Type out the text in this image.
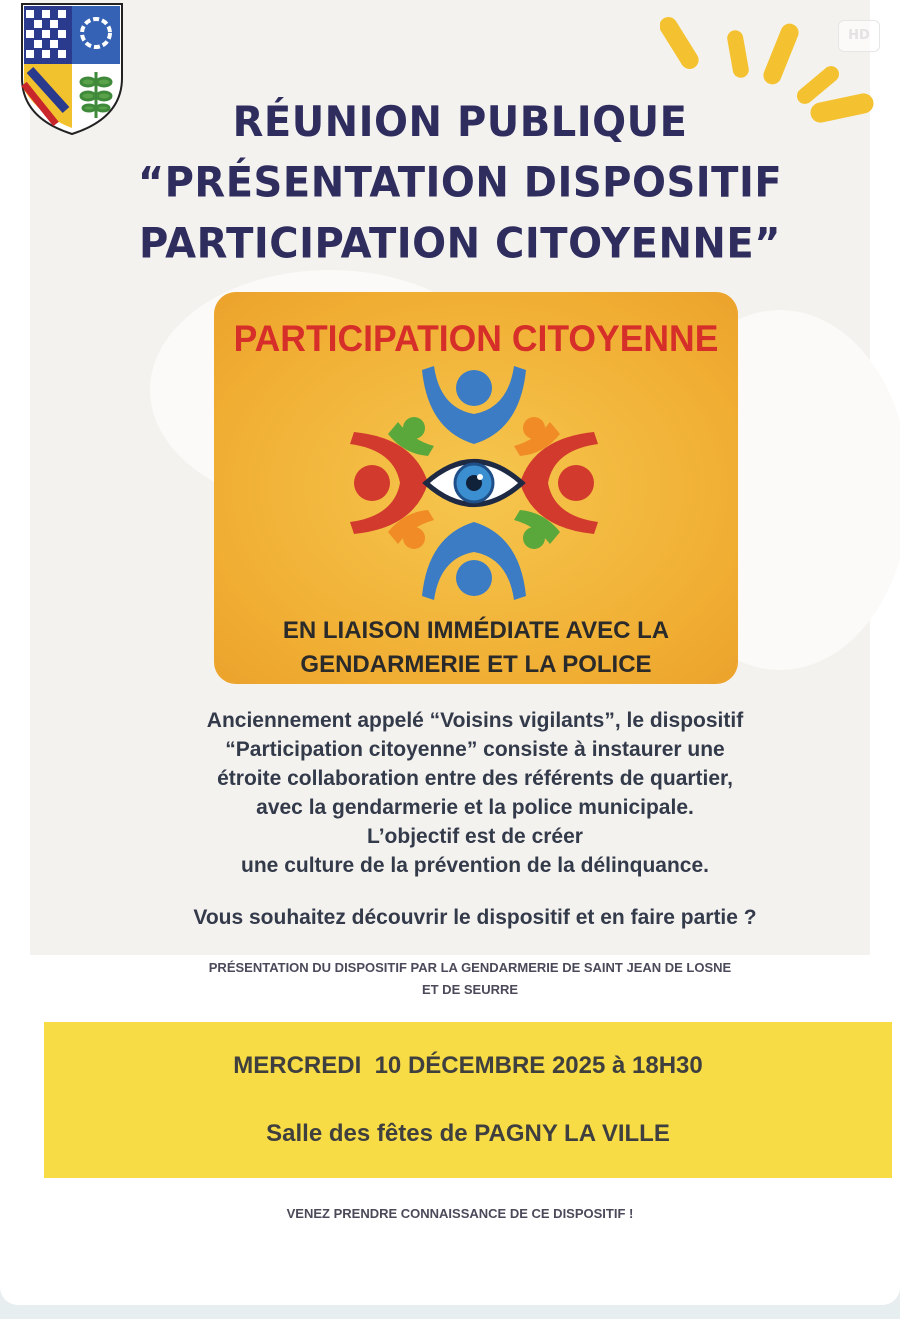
HD
RÉUNION PUBLIQUE
“PRÉSENTATION DISPOSITIF
PARTICIPATION CITOYENNE”
PARTICIPATION CITOYENNE
EN LIAISON IMMÉDIATE AVEC LA
GENDARMERIE ET LA POLICE
Anciennement appelé “Voisins vigilants”, le dispositif
“Participation citoyenne” consiste à instaurer une
étroite collaboration entre des référents de quartier,
avec la gendarmerie et la police municipale.
L’objectif est de créer
une culture de la prévention de la délinquance.
Vous souhaitez découvrir le dispositif et en faire partie ?
PRÉSENTATION DU DISPOSITIF PAR LA GENDARMERIE DE SAINT JEAN DE LOSNE
ET DE SEURRE
MERCREDI  10 DÉCEMBRE 2025 à 18H30
Salle des fêtes de PAGNY LA VILLE
VENEZ PRENDRE CONNAISSANCE DE CE DISPOSITIF !
